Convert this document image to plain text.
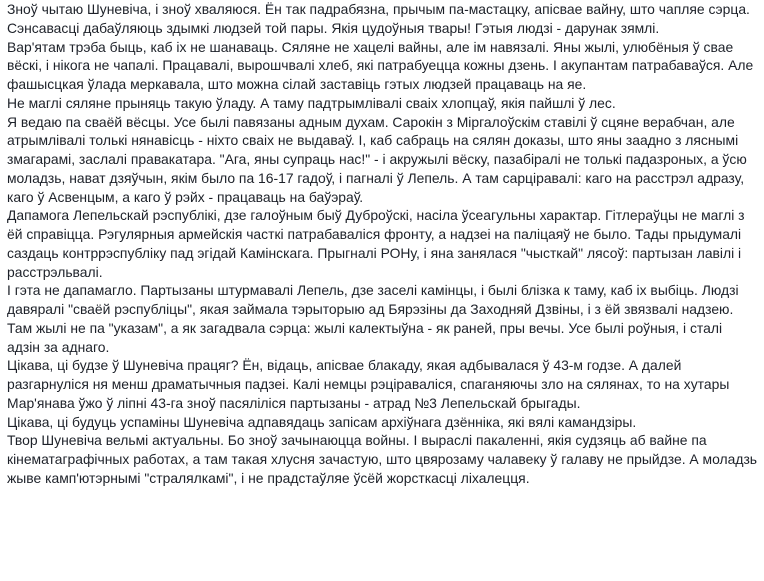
Зноў чытаю Шуневіча, і зноў хваляюся. Ён так падрабязна, прычым па-мастацку, апісвае вайну, што чапляе сэрца. Сэнсавасці дабаўляюць здымкі людзей той пары. Якія цудоўныя твары! Гэтыя людзі - дарунак зямлі.

Вар'ятам трэба быць, каб іх не шанаваць. Сяляне не хацелі вайны, але ім навязалі. Яны жылі, улюбёныя ў свае вёскі, і нікога не чапалі. Працавалі, вырошчвалі хлеб, які патрабуецца кожны дзень. І акупантам патрабаваўся. Але фашысцкая ўлада меркавала, што можна сілай заставіць гэтых людзей працаваць на яе.

Не маглі сяляне прыняць такую ўладу. А таму падтрымлівалі сваіх хлопцаў, якія пайшлі ў лес.

Я ведаю па сваёй вёсцы. Усе былі павязаны адным духам. Сарокін з Міргалоўскім ставілі ў сцяне верабчан, але атрымлівалі толькі нянавісць - ніхто сваіх не выдаваў. І, каб сабраць на сялян доказы, што яны заадно з ляснымі змагарамі, заслалі правакатара. "Ага, яны супраць нас!" - і акружылі вёску, пазабіралі не толькі падазроных, а ўсю моладзь, нават дзяўчын, якім было па 16-17 гадоў, і пагналі ў Лепель. А там сарціравалі: каго на расстрэл адразу, каго ў Асвенцым, а каго ў рэйх - працаваць на баўэраў.

Дапамога Лепельскай рэспублікі, дзе галоўным быў Дуброўскі, насіла ўсеагульны характар. Гітлераўцы не маглі з ёй справіцца. Рэгулярныя армейскія часткі патрабаваліся фронту, а надзеі на паліцаяў не было. Тады прыдумалі саздаць контррэспубліку пад эгідай Камінскага. Прыгналі РОНу, і яна занялася "чысткай" лясоў: партызан лавілі і расстрэльвалі.

І гэта не дапамагло. Партызаны штурмавалі Лепель, дзе заселі камінцы, і былі блізка к таму, каб іх выбіць. Людзі давяралі "сваёй рэспубліцы", якая займала тэрыторыю ад Бярэзіны да Заходняй Дзвіны, і з ёй звязвалі надзею. Там жылі не па "указам", а як загадвала сэрца: жылі калектыўна - як раней, пры вечы. Усе былі роўныя, і сталі адзін за аднаго.

Цікава, ці будзе ў Шуневіча працяг? Ён, відаць, апісвае блакаду, якая адбывалася ў 43-м годзе. А далей разгарнуліся ня менш драматычныя падзеі. Калі немцы рэціраваліся, спаганяючы зло на сялянах, то на хутары Мар'янава ўжо ў ліпні 43-га зноў пасяліліся партызаны - атрад №3 Лепельскай брыгады.

Цікава, ці будуць успаміны Шуневіча адпавядаць запісам архіўнага дзённіка, які вялі камандзіры.

Твор Шуневіча вельмі актуальны. Бо зноў зачынаюцца войны. І выраслі пакаленні, якія судзяць аб вайне па кінематаграфічных работах, а там такая хлусня зачастую, што цвярозаму чалавеку ў галаву не прыйдзе. А моладзь жыве камп'ютэрнымі "стралялкамі", і не прадстаўляе ўсёй жорсткасці ліхалецця.
